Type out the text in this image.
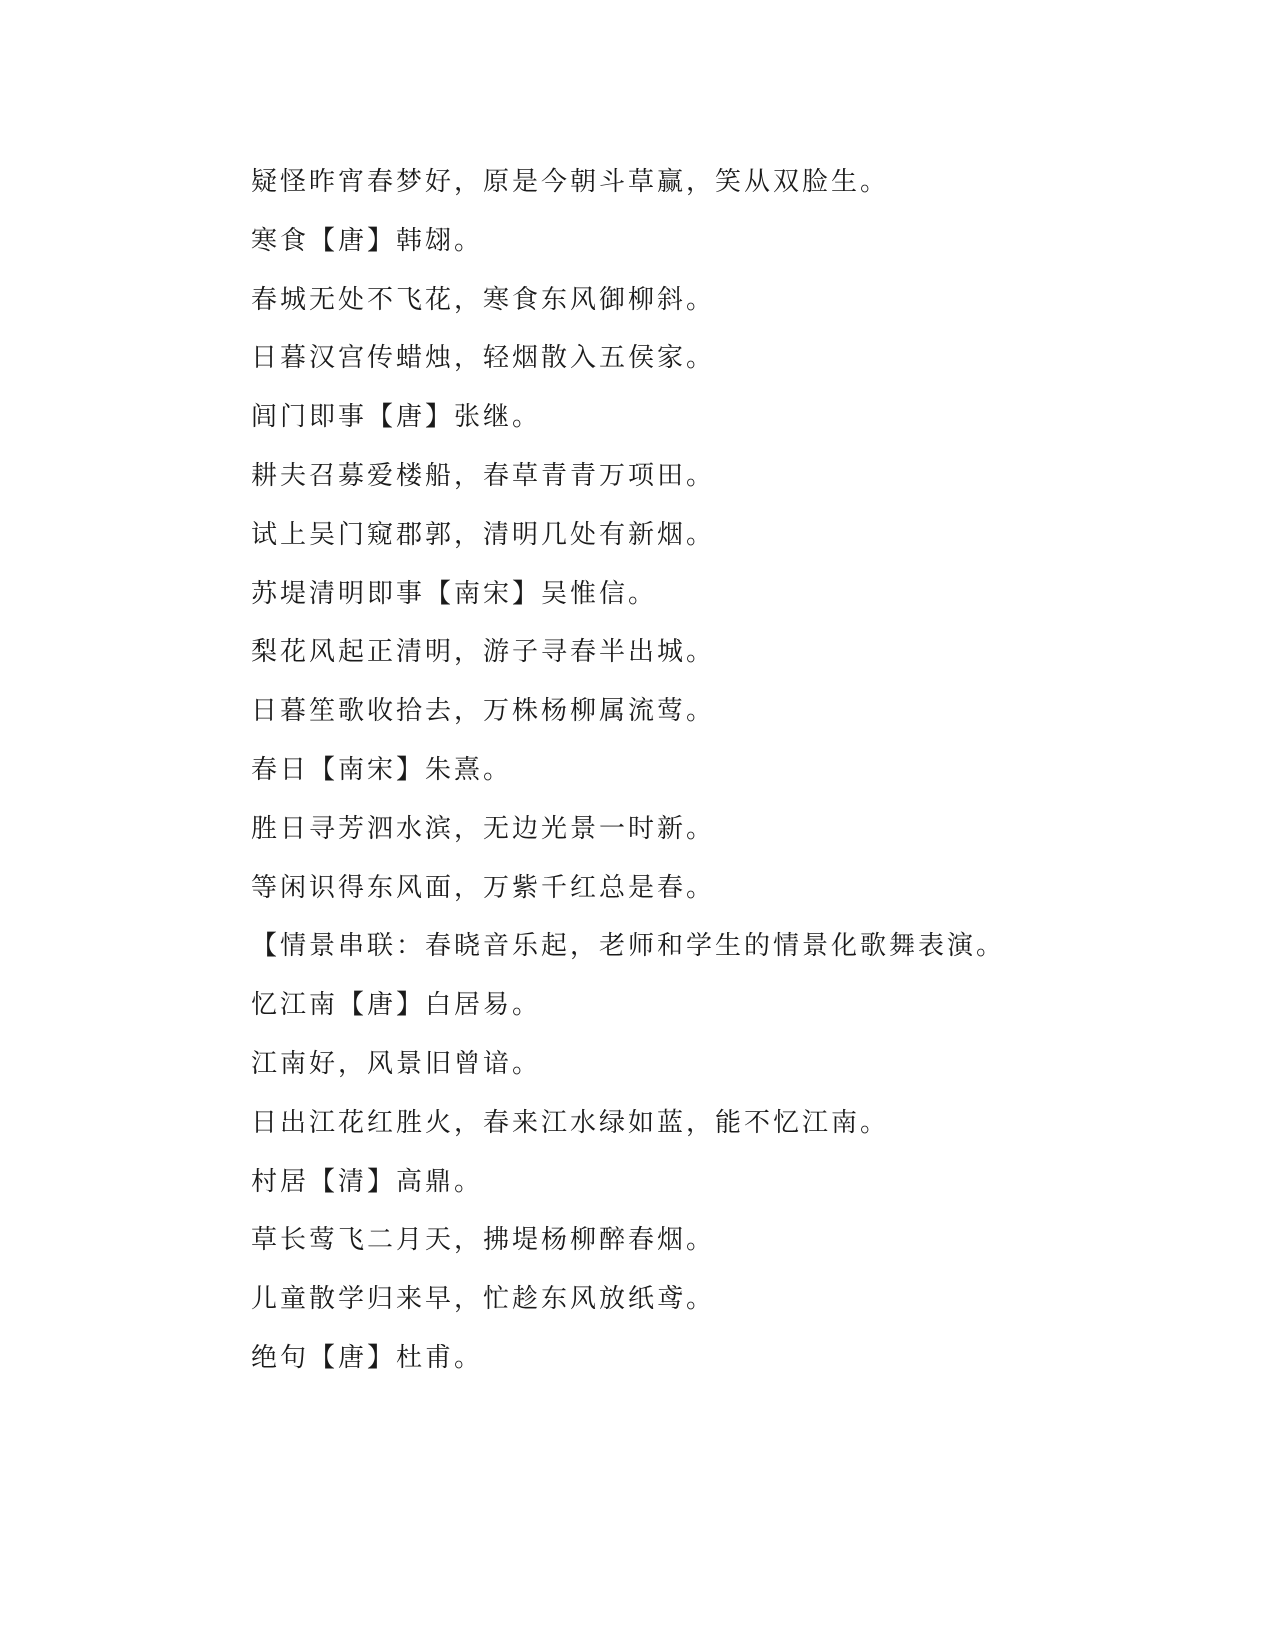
疑怪昨宵春梦好，原是今朝斗草赢，笑从双脸生。
寒食【唐】韩翃。
春城无处不飞花，寒食东风御柳斜。
日暮汉宫传蜡烛，轻烟散入五侯家。
闾门即事【唐】张继。
耕夫召募爱楼船，春草青青万项田。
试上吴门窥郡郭，清明几处有新烟。
苏堤清明即事【南宋】吴惟信。
梨花风起正清明，游子寻春半出城。
日暮笙歌收拾去，万株杨柳属流莺。
春日【南宋】朱熹。
胜日寻芳泗水滨，无边光景一时新。
等闲识得东风面，万紫千红总是春。
【情景串联：春晓音乐起，老师和学生的情景化歌舞表演。
忆江南【唐】白居易。
江南好，风景旧曾谙。
日出江花红胜火，春来江水绿如蓝，能不忆江南。
村居【清】高鼎。
草长莺飞二月天，拂堤杨柳醉春烟。
儿童散学归来早，忙趁东风放纸鸢。
绝句【唐】杜甫。
